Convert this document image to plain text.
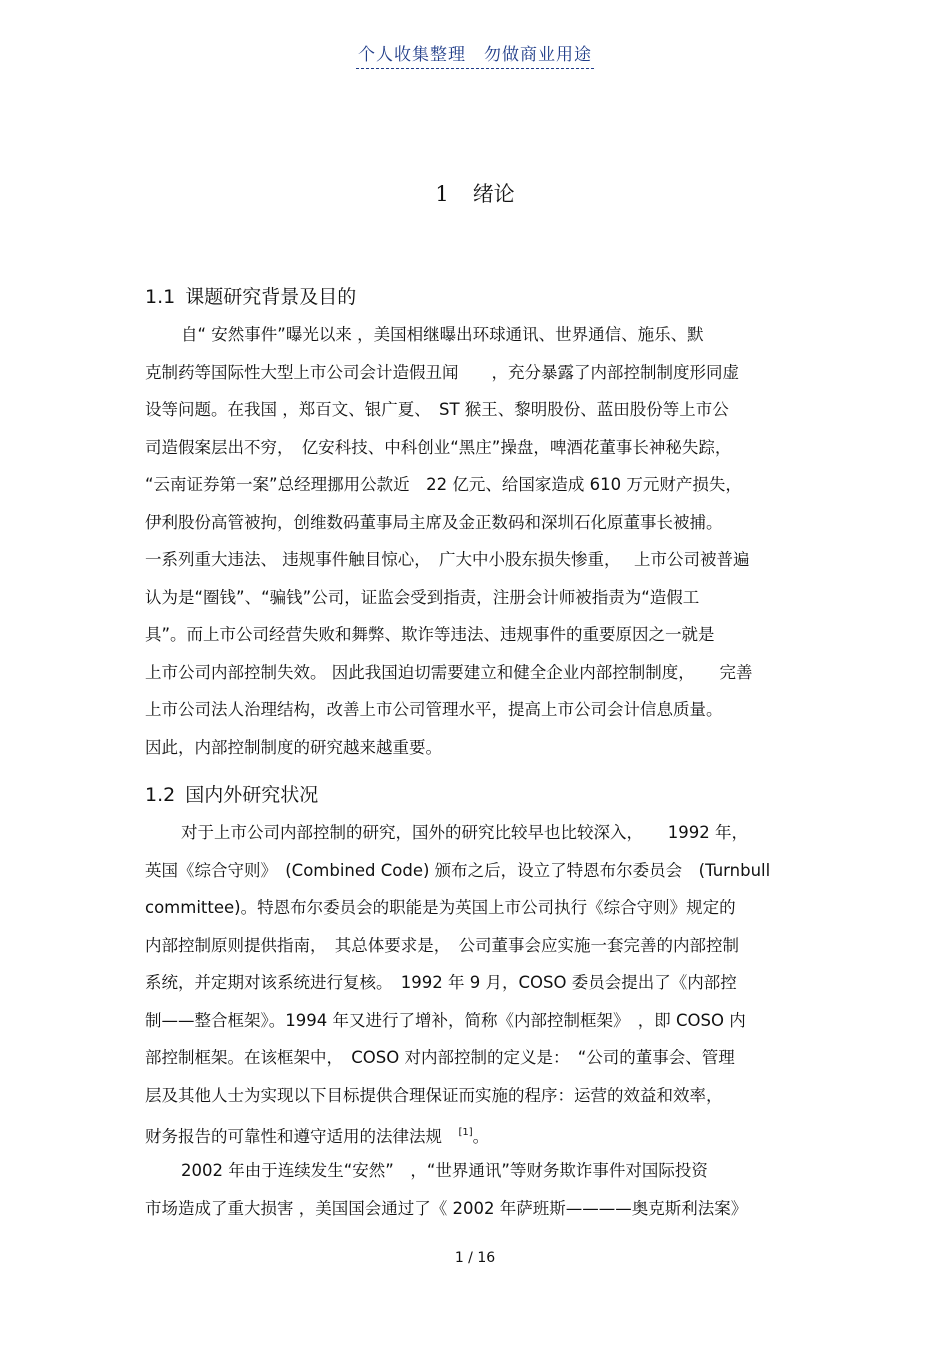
个人收集整理　勿做商业用途
1 绪论
1.1 课题研究背景及目的
自“ 安然事件”曝光以来 ，美国相继曝出环球通讯、世界通信、施乐、默
克制药等国际性大型上市公司会计造假丑闻　　，充分暴露了内部控制制度形同虚
设等问题。在我国 ，郑百文、银广夏、　ST 猴王、黎明股份、蓝田股份等上市公
司造假案层出不穷，　亿安科技、中科创业“黑庄”操盘，啤酒花董事长神秘失踪，
“云南证券第一案”总经理挪用公款近　22 亿元、给国家造成 610 万元财产损失，
伊利股份高管被拘，创维数码董事局主席及金正数码和深圳石化原董事长被捕。
一系列重大违法、 违规事件触目惊心，　广大中小股东损失惨重，　 上市公司被普遍
认为是“圈钱”、“骗钱”公司，证监会受到指责，注册会计师被指责为“造假工
具”。而上市公司经营失败和舞弊、欺诈等违法、违规事件的重要原因之一就是
上市公司内部控制失效。 因此我国迫切需要建立和健全企业内部控制制度，　　完善
上市公司法人治理结构，改善上市公司管理水平，提高上市公司会计信息质量。
因此，内部控制制度的研究越来越重要。
1.2 国内外研究状况
对于上市公司内部控制的研究，国外的研究比较早也比较深入，　　1992 年，
英国《综合守则》　(Combined Code) 颁布之后，设立了特恩布尔委员会　(Turnbull
committee)。特恩布尔委员会的职能是为英国上市公司执行《综合守则》规定的
内部控制原则提供指南，　其总体要求是，　公司董事会应实施一套完善的内部控制
系统，并定期对该系统进行复核。　1992 年 9 月，COSO 委员会提出了《内部控
制——整合框架》。1994 年又进行了增补，简称《内部控制框架》　，即 COSO 内
部控制框架。在该框架中，　COSO 对内部控制的定义是：　“公司的董事会、管理
层及其他人士为实现以下目标提供合理保证而实施的程序：运营的效益和效率，
财务报告的可靠性和遵守适用的法律法规　 [1]。
2002 年由于连续发生“安然”　，“世界通讯”等财务欺诈事件对国际投资
市场造成了重大损害 ，美国国会通过了《 2002 年萨班斯————奥克斯利法案》
1 / 16
